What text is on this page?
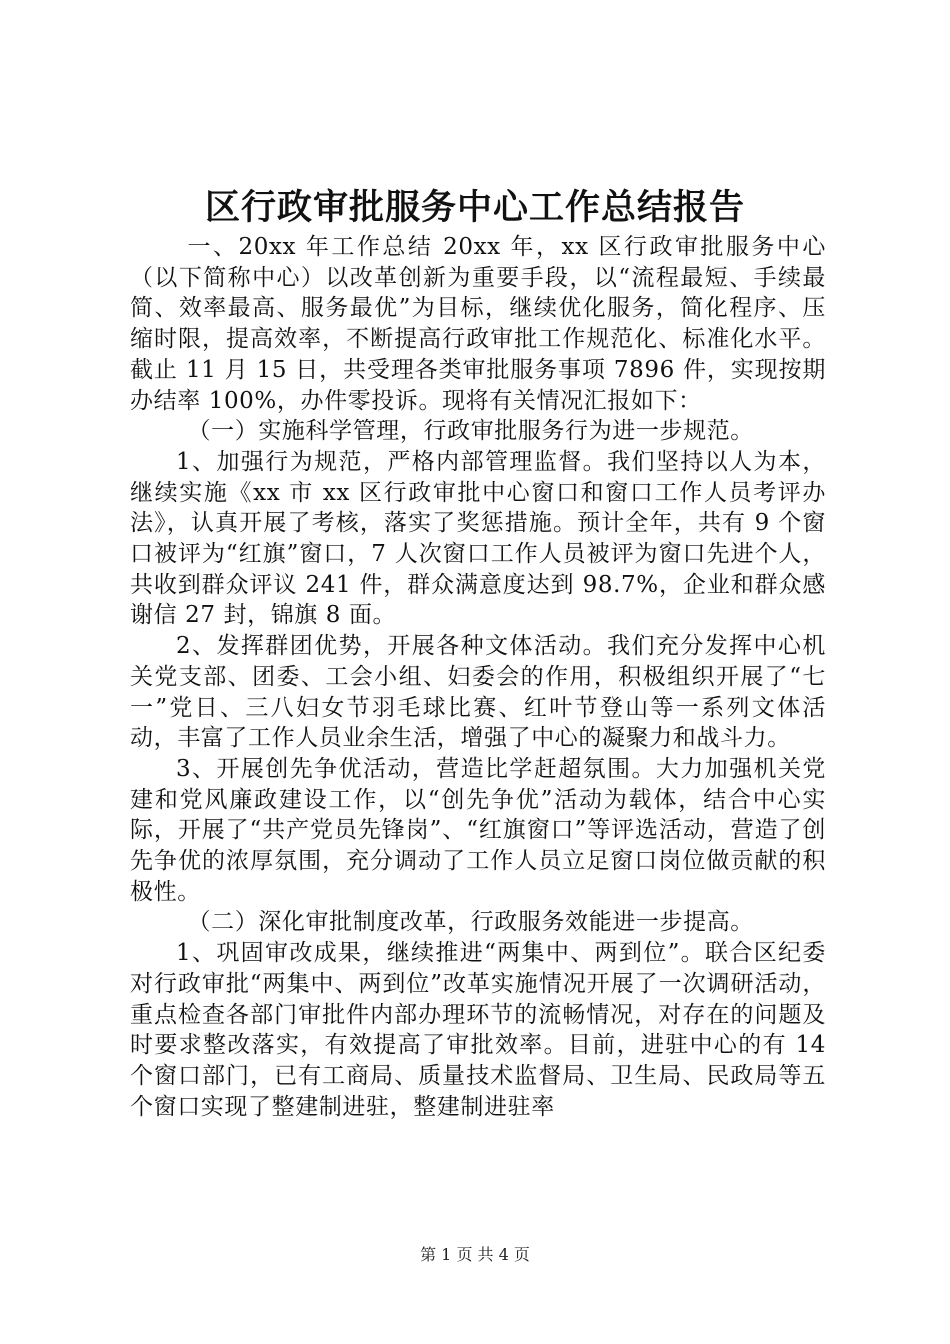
区行政审批服务中心工作总结报告

一、20xx 年工作总结 20xx 年，xx 区行政审批服务中心（以下简称中心）以改革创新为重要手段，以“流程最短、手续最简、效率最高、服务最优”为目标，继续优化服务，简化程序、压缩时限，提高效率，不断提高行政审批工作规范化、标准化水平。截止 11 月 15 日，共受理各类审批服务事项 7896 件，实现按期办结率 100%，办件零投诉。现将有关情况汇报如下：

（一）实施科学管理，行政审批服务行为进一步规范。

1、加强行为规范，严格内部管理监督。我们坚持以人为本，继续实施《xx 市 xx 区行政审批中心窗口和窗口工作人员考评办法》，认真开展了考核，落实了奖惩措施。预计全年，共有 9 个窗口被评为“红旗”窗口，7 人次窗口工作人员被评为窗口先进个人，共收到群众评议 241 件，群众满意度达到 98.7%，企业和群众感谢信 27 封，锦旗 8 面。

2、发挥群团优势，开展各种文体活动。我们充分发挥中心机关党支部、团委、工会小组、妇委会的作用，积极组织开展了“七一”党日、三八妇女节羽毛球比赛、红叶节登山等一系列文体活动，丰富了工作人员业余生活，增强了中心的凝聚力和战斗力。

3、开展创先争优活动，营造比学赶超氛围。大力加强机关党建和党风廉政建设工作，以“创先争优”活动为载体，结合中心实际，开展了“共产党员先锋岗”、“红旗窗口”等评选活动，营造了创先争优的浓厚氛围，充分调动了工作人员立足窗口岗位做贡献的积极性。

（二）深化审批制度改革，行政服务效能进一步提高。

1、巩固审改成果，继续推进“两集中、两到位”。联合区纪委对行政审批“两集中、两到位”改革实施情况开展了一次调研活动，重点检查各部门审批件内部办理环节的流畅情况，对存在的问题及时要求整改落实，有效提高了审批效率。目前，进驻中心的有 14 个窗口部门，已有工商局、质量技术监督局、卫生局、民政局等五个窗口实现了整建制进驻，整建制进驻率

第 1 页 共 4 页
